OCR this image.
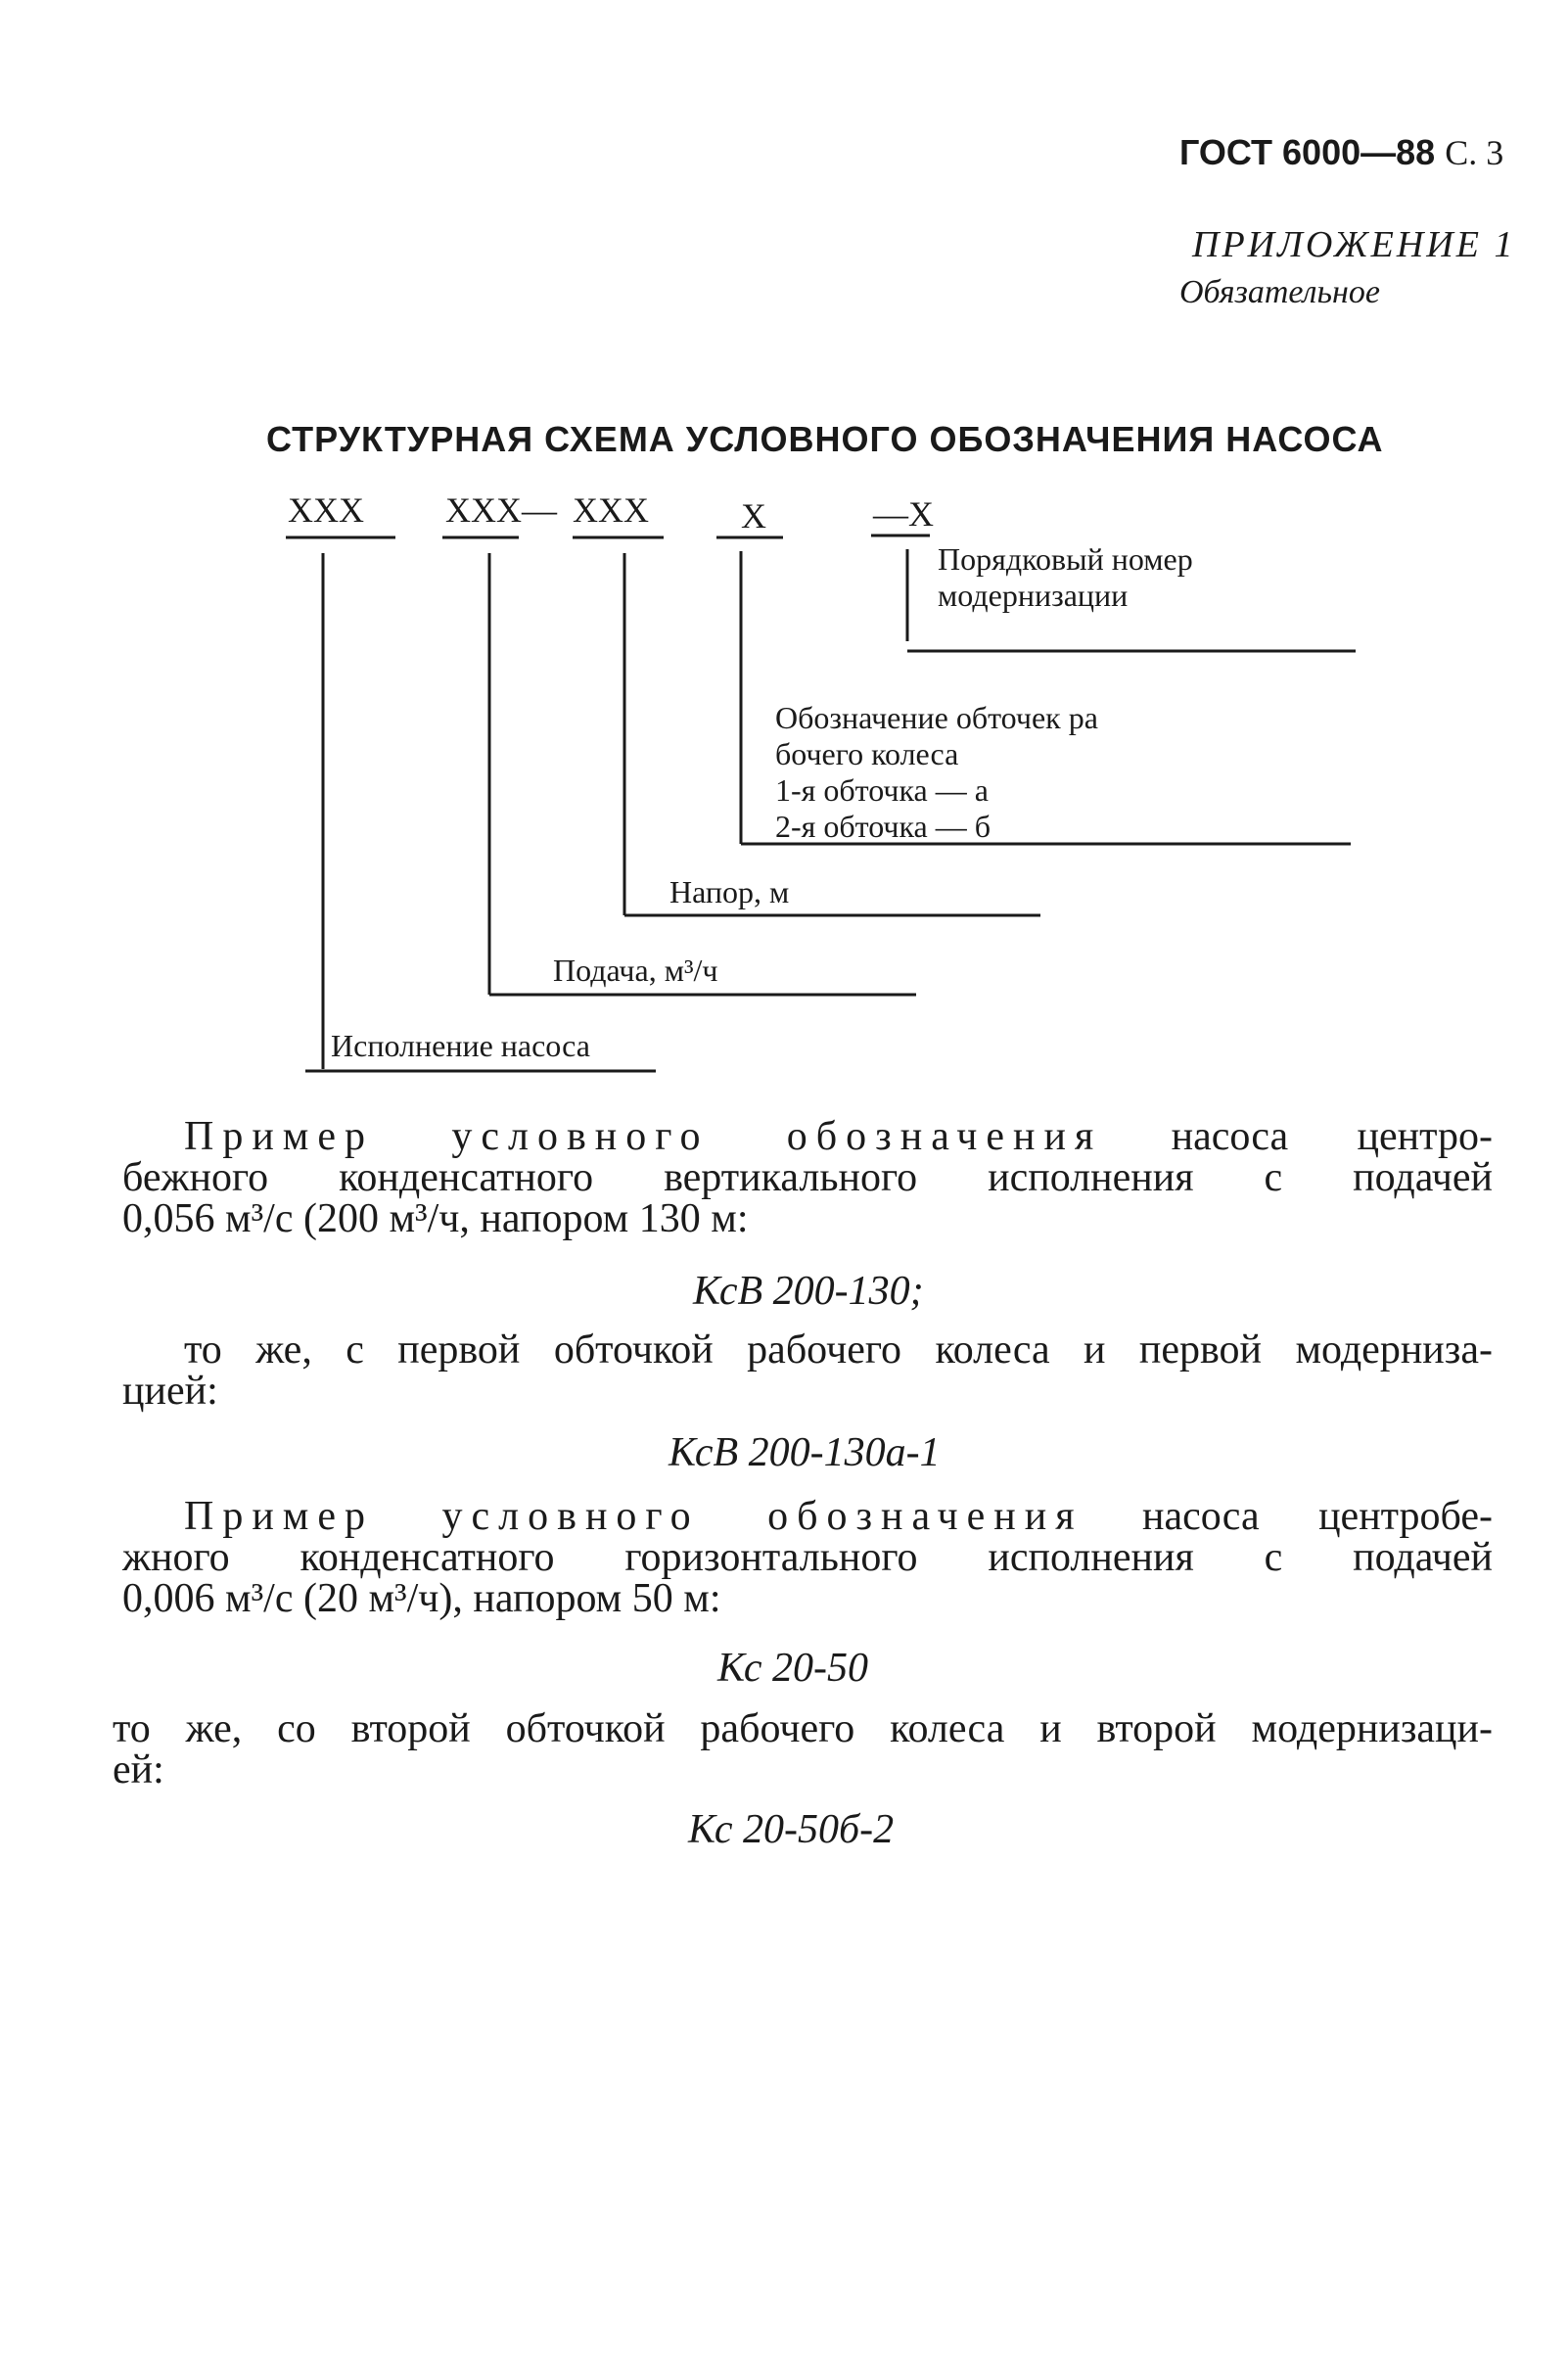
ГОСТ 6000—88 С. 3
ПРИЛОЖЕНИЕ 1
Обязательное
СТРУКТУРНАЯ СХЕМА УСЛОВНОГО ОБОЗНАЧЕНИЯ НАСОСА
ХХХ ХХХ — ХХХ	Х	—Х
Порядковый номер
модернизации
Обозначение обточек ра
бочего колеса
1-я обточка — а
2-я обточка — б
Напор, м
Подача, м³/ч
Исполнение насоса
Пример условного обозначения насоса центро-
бежного конденсатного вертикального исполнения с подачей
0,056 м³/с (200 м³/ч, напором 130 м:
КсВ 200-130;
то же, с первой обточкой рабочего колеса и первой модерниза-
цией:
КсВ 200-130а-1
Пример условного обозначения насоса центробе-
жного конденсатного горизонтального исполнения с подачей
0,006 м³/с (20 м³/ч), напором 50 м:
Кс 20-50
то же, со второй обточкой рабочего колеса и второй модернизаци-
ей:
Кс 20-50б-2
